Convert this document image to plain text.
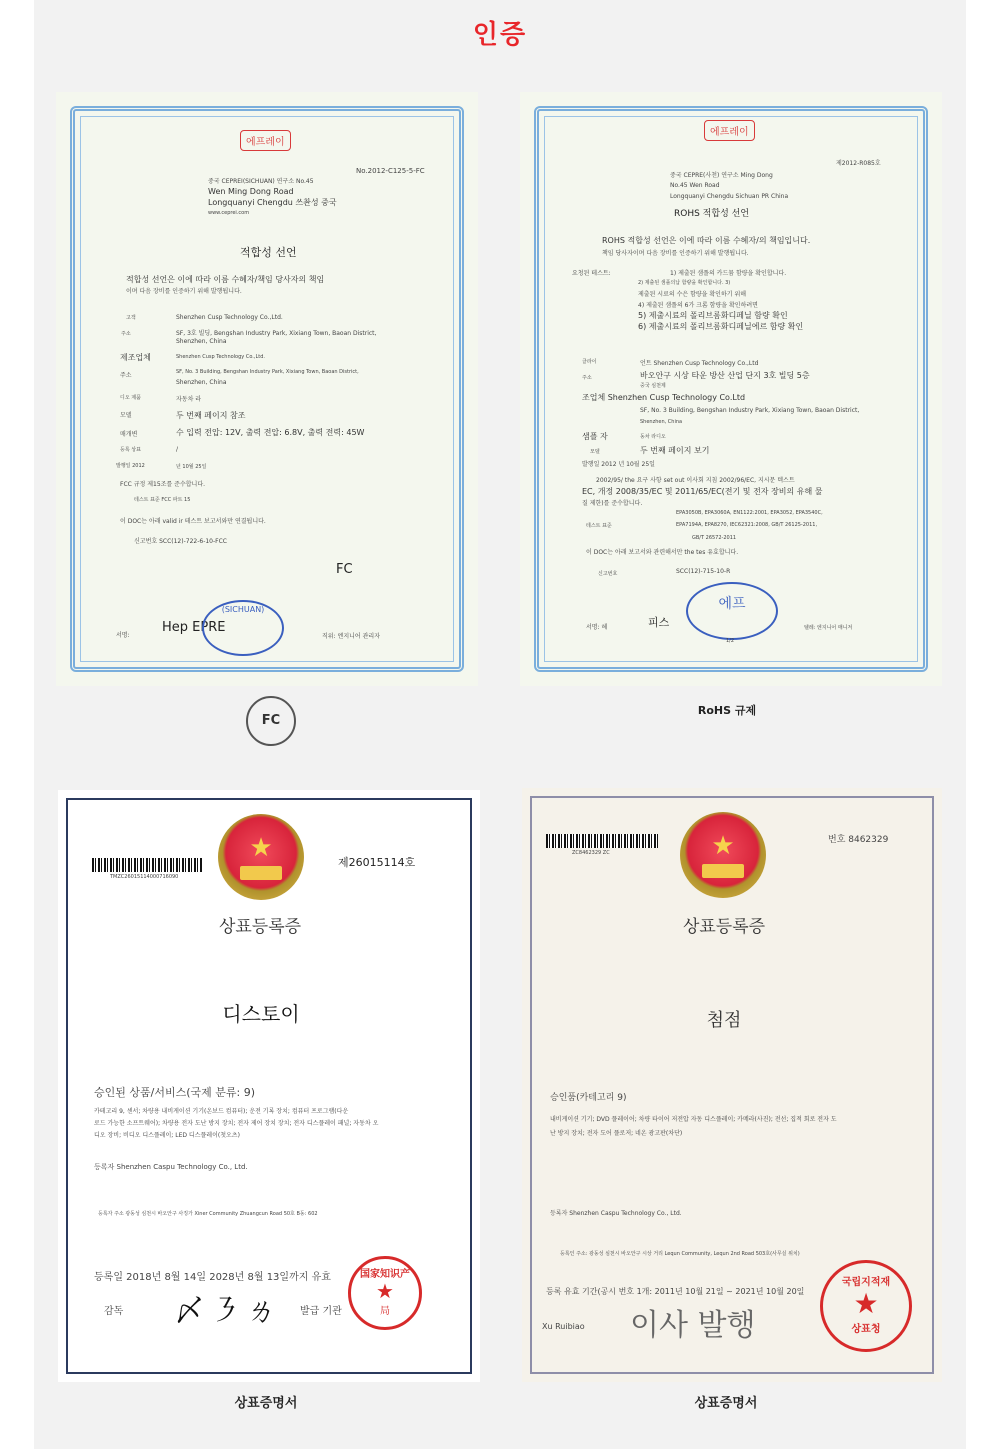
인증
에프레이
No.2012-C125-5-FC
중국 CEPREI(SICHUAN) 연구소 No.45
Wen Ming Dong Road
Longquanyi Chengdu 쓰촨성 중국
www.ceprei.com
적합성 선언
적합성 선언은 이에 따라 이름 수혜자/책임 당사자의 책임
이며 다음 장비를 인증하기 위해 발행됩니다.
고객	Shenzhen Cusp Technology Co.,Ltd.
주소	SF, 3호 빌딩, Bengshan Industry Park, Xixiang Town, Baoan District,
Shenzhen, China
제조업체	Shenzhen Cusp Technology Co.,Ltd.
주소	SF, No. 3 Building, Bengshan Industry Park, Xixiang Town, Baoan District,
Shenzhen, China
디오 제품	자동차 라
모델	두 번째 페이지 참조
매개변	수 입력 전압: 12V, 출력 전압: 6.8V, 출력 전력: 45W
등록 상표	/
발행일 2012	년 10월 25일
FCC 규정 제15조를 준수합니다.
테스트 표준 FCC 파트 15
이 DOC는 아래 valid ir 테스트 보고서와만 연결됩니다.
신고번호 SCC(12)-722-6-10-FCC
FC
서명:
Hep EPRE
(SICHUAN)
직위: 엔지니어 관리자
FC
에프레이
제2012-R085호
중국 CEPRE(사천) 연구소 Ming Dong
No.45 Wen Road
Longquanyi Chengdu Sichuan PR China
ROHS 적합성 선언
ROHS 적합성 선언은 이에 따라 이름 수혜자/의 책임입니다.
책임 당사자이며 다음 장비를 인증하기 위해 발행됩니다.
요청된 테스트:	1) 제출된 샘플의 카드뮴 함량을 확인합니다.
2) 제출된 샘플의납 함량을 확인합니다. 3)
제출된 시료의 수은 함량을 확인하기 위해
4) 제출된 샘플의 6가 크롬 함량을 확인하려면
5) 제출시료의 폴리브롬화디페닐 함량 확인
6) 제출시료의 폴리브롬화디페닐에르 함량 확인
클라이	언트 Shenzhen Cusp Technology Co.,Ltd
주소	바오안구 시상 타운 방산 산업 단지 3호 빌딩 5층
중국 심천제
조업체 Shenzhen Cusp Technology Co.Ltd
SF, No. 3 Building, Bengshan Industry Park, Xixiang Town, Baoan District,
Shenzhen, China
샘플 자	동차 라디오
모델	두 번째 페이지 보기
발행일 2012 년 10월 25일
2002/95/ the 요구 사항 set out 이사회 지침 2002/96/EC, 지시문 텍스트
EC, 개정 2008/35/EC 및 2011/65/EC(전기 및 전자 장비의 유해 물
질 제한)를 준수합니다.
EPA3050B, EPA3060A, EN1122:2001, EPA3052, EPA3540C,
테스트 표준	EPA7194A, EPA8270, IEC62321:2008, GB/T 26125-2011,
GB/T 26572-2011
이 DOC는 아래 보고서와 관련해서만 the tes 유효합니다.
신고번호	SCC(12)-715-10-R
서명: 헤	피스
에프
1/2
텔레: 엔지니어 매니저
RoHS 규제
TMZC26015114000716090
★	제26015114호
상표등록증
디스토이
승인된 상품/서비스(국제 분류: 9)
카테고리 9, 센서; 차량용 내비게이션 기기(온보드 컴퓨터); 운전 기록 장치; 컴퓨터 프로그램(다운
로드 가능한 소프트웨어); 차량용 전자 도난 방지 장치; 전자 제어 장치 장치; 전자 디스플레이 패널; 자동차 오
디오 장비; 비디오 디스플레이; LED 디스플레이(첫오츠)
등록자 Shenzhen Caspu Technology Co., Ltd.
등록자 주소 광동성 심천시 바오안구 사징가 Xiner Community Zhuangcun Road 50호 B동: 602
등록일 2018년 8월 14일 2028년 8월 13일까지 유효
감독 〆㇋ㄌ 발급 기관
国家知识产
★
局
상표증명서
ZC8462329 ZC
번호 8462329
★
상표등록증
첨점
승인품(카테고리 9)
내비게이션 기기; DVD 플레이어; 차량 타이어 저전압 자동 디스플레이; 카메라(사진); 전선; 집적 회로 전자 도
난 방지 장치; 전자 도어 플로저; 네온 광고판(차단)
등록자 Shenzhen Caspu Technology Co., Ltd.
등록인 주소: 광동성 심천시 바오안구 시상 거리 Lequn Community, Lequn 2nd Road 503호(사무실 위치)
등록 유효 기간(공시 번호 1개: 2011년 10월 21일 ~ 2021년 10월 20일
Xu Ruibiao 이사 발행
국립지적재
★
상표청
상표증명서
